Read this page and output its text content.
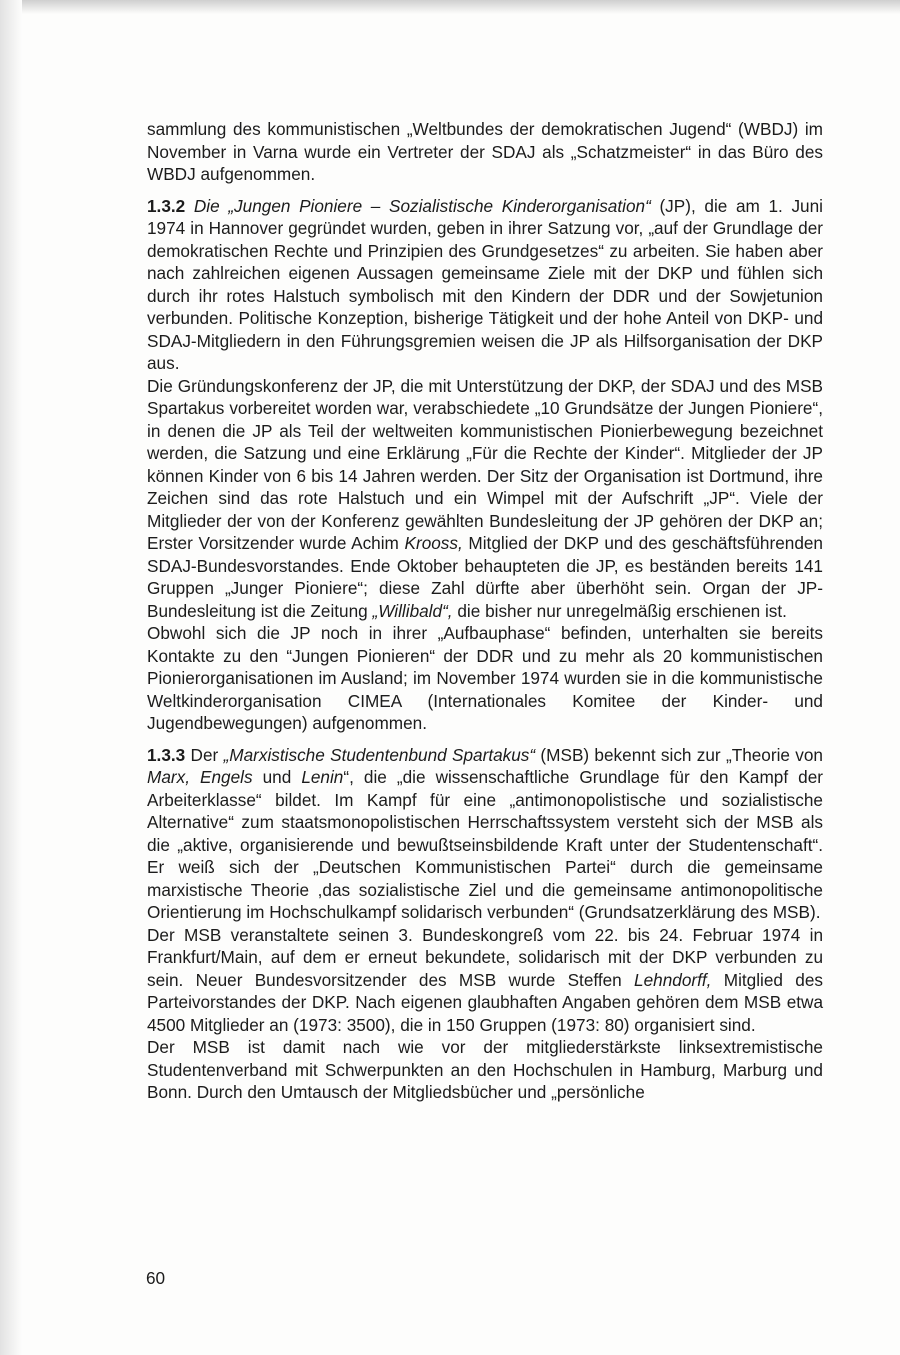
sammlung des kommunistischen „Weltbundes der demokratischen Jugend“ (WBDJ) im November in Varna wurde ein Vertreter der SDAJ als „Schatzmeister“ in das Büro des WBDJ aufgenommen.

1.3.2 Die „Jungen Pioniere – Sozialistische Kinderorganisation“ (JP), die am 1. Juni 1974 in Hannover gegründet wurden, geben in ihrer Satzung vor, „auf der Grundlage der demokratischen Rechte und Prinzipien des Grundgesetzes“ zu arbeiten. Sie haben aber nach zahlreichen eigenen Aussagen gemeinsame Ziele mit der DKP und fühlen sich durch ihr rotes Halstuch symbolisch mit den Kindern der DDR und der Sowjetunion verbunden. Politische Konzeption, bisherige Tätigkeit und der hohe Anteil von DKP- und SDAJ-Mitgliedern in den Führungsgremien weisen die JP als Hilfsorganisation der DKP aus.

Die Gründungskonferenz der JP, die mit Unterstützung der DKP, der SDAJ und des MSB Spartakus vorbereitet worden war, verabschiedete „10 Grundsätze der Jungen Pioniere“, in denen die JP als Teil der weltweiten kommunistischen Pionierbewegung bezeichnet werden, die Satzung und eine Erklärung „Für die Rechte der Kinder“. Mitglieder der JP können Kinder von 6 bis 14 Jahren werden. Der Sitz der Organisation ist Dortmund, ihre Zeichen sind das rote Halstuch und ein Wimpel mit der Aufschrift „JP“. Viele der Mitglieder der von der Konferenz gewählten Bundesleitung der JP gehören der DKP an; Erster Vorsitzender wurde Achim Krooss, Mitglied der DKP und des geschäftsführenden SDAJ-Bundesvorstandes. Ende Oktober behaupteten die JP, es beständen bereits 141 Gruppen „Junger Pioniere“; diese Zahl dürfte aber überhöht sein. Organ der JP-Bundesleitung ist die Zeitung „Willibald“, die bisher nur unregelmäßig erschienen ist.

Obwohl sich die JP noch in ihrer „Aufbauphase“ befinden, unterhalten sie bereits Kontakte zu den “Jungen Pionieren“ der DDR und zu mehr als 20 kommunistischen Pionierorganisationen im Ausland; im November 1974 wurden sie in die kommunistische Weltkinderorganisation CIMEA (Internationales Komitee der Kinder- und Jugendbewegungen) aufgenommen.

1.3.3 Der „Marxistische Studentenbund Spartakus“ (MSB) bekennt sich zur „Theorie von Marx, Engels und Lenin“, die „die wissenschaftliche Grundlage für den Kampf der Arbeiterklasse“ bildet. Im Kampf für eine „antimonopolistische und sozialistische Alternative“ zum staatsmonopolistischen Herrschaftssystem versteht sich der MSB als die „aktive, organisierende und bewußtseinsbildende Kraft unter der Studentenschaft“. Er weiß sich der „Deutschen Kommunistischen Partei“ durch die gemeinsame marxistische Theorie ,das sozialistische Ziel und die gemeinsame antimonopolitische Orientierung im Hochschulkampf solidarisch verbunden“ (Grundsatzerklärung des MSB).

Der MSB veranstaltete seinen 3. Bundeskongreß vom 22. bis 24. Februar 1974 in Frankfurt/Main, auf dem er erneut bekundete, solidarisch mit der DKP verbunden zu sein. Neuer Bundesvorsitzender des MSB wurde Steffen Lehndorff, Mitglied des Parteivorstandes der DKP. Nach eigenen glaubhaften Angaben gehören dem MSB etwa 4500 Mitglieder an (1973: 3500), die in 150 Gruppen (1973: 80) organisiert sind.

Der MSB ist damit nach wie vor der mitgliederstärkste linksextremistische Studentenverband mit Schwerpunkten an den Hochschulen in Hamburg, Marburg und Bonn. Durch den Umtausch der Mitgliedsbücher und „persönliche

60
